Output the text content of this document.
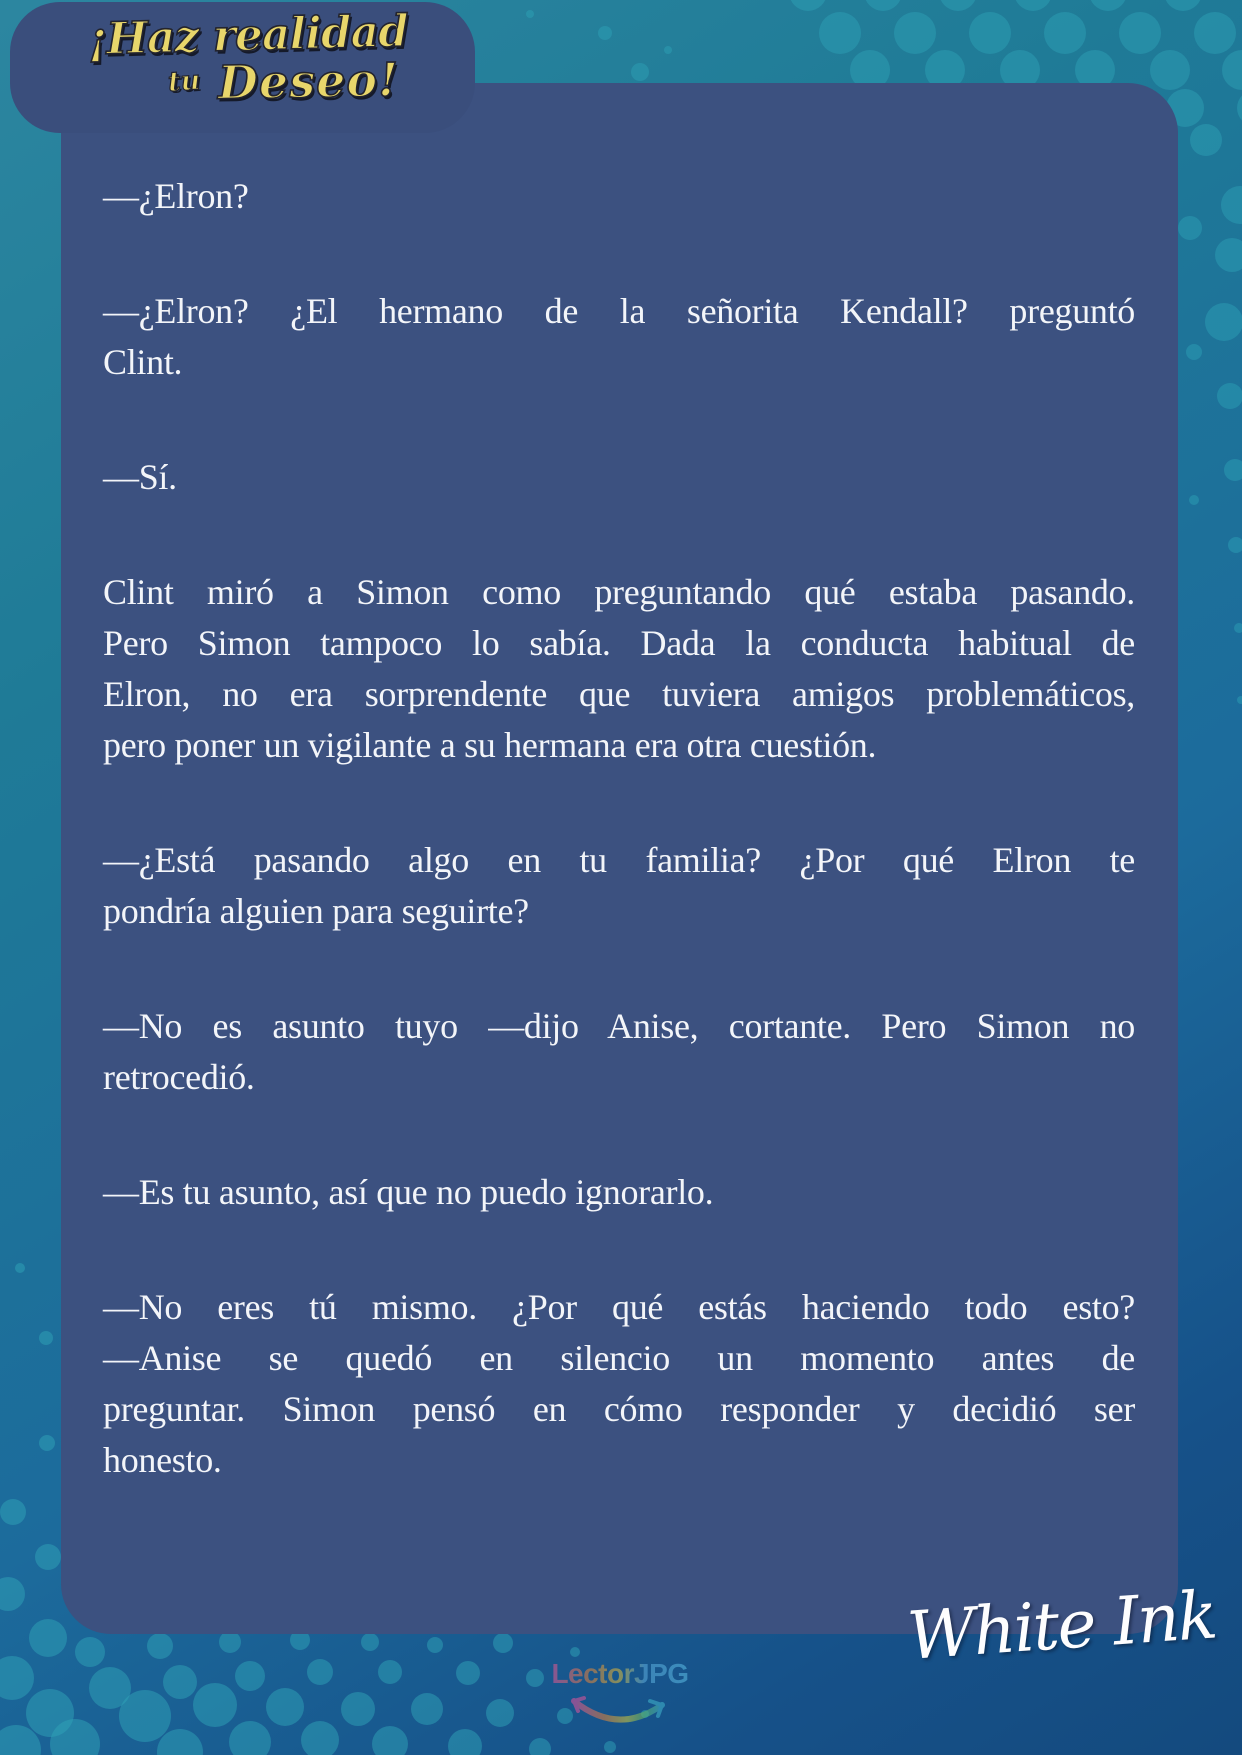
—¿Elron?
—¿Elron? ¿El hermano de la señorita Kendall? preguntó
Clint.
—Sí.
Clint miró a Simon como preguntando qué estaba pasando.
Pero Simon tampoco lo sabía. Dada la conducta habitual de
Elron, no era sorprendente que tuviera amigos problemáticos,
pero poner un vigilante a su hermana era otra cuestión.
—¿Está pasando algo en tu familia? ¿Por qué Elron te
pondría alguien para seguirte?
—No es asunto tuyo —dijo Anise, cortante. Pero Simon no
retrocedió.
—Es tu asunto, así que no puedo ignorarlo.
—No eres tú mismo. ¿Por qué estás haciendo todo esto?
—Anise se quedó en silencio un momento antes de
preguntar. Simon pensó en cómo responder y decidió ser
honesto.
¡Haz realidad
tu Deseo!
LectorJPG	White Ink
